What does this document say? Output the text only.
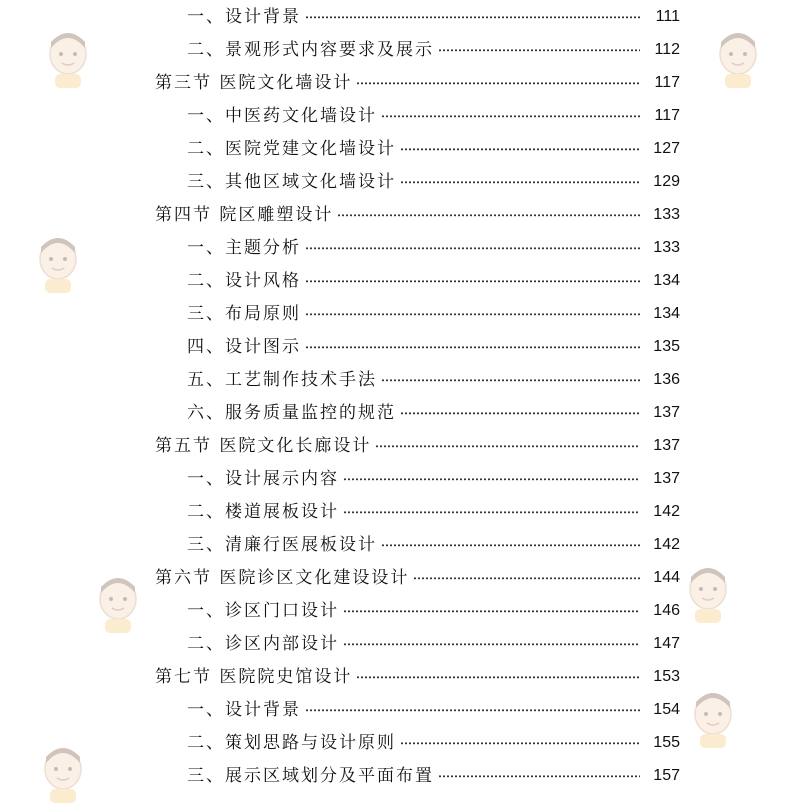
一、设计背景	111
二、景观形式内容要求及展示	112
第三节 医院文化墙设计	117
一、中医药文化墙设计	117
二、医院党建文化墙设计	127
三、其他区域文化墙设计	129
第四节 院区雕塑设计	133
一、主题分析	133
二、设计风格	134
三、布局原则	134
四、设计图示	135
五、工艺制作技术手法	136
六、服务质量监控的规范	137
第五节 医院文化长廊设计	137
一、设计展示内容	137
二、楼道展板设计	142
三、清廉行医展板设计	142
第六节 医院诊区文化建设设计	144
一、诊区门口设计	146
二、诊区内部设计	147
第七节 医院院史馆设计	153
一、设计背景	154
二、策划思路与设计原则	155
三、展示区域划分及平面布置	157
